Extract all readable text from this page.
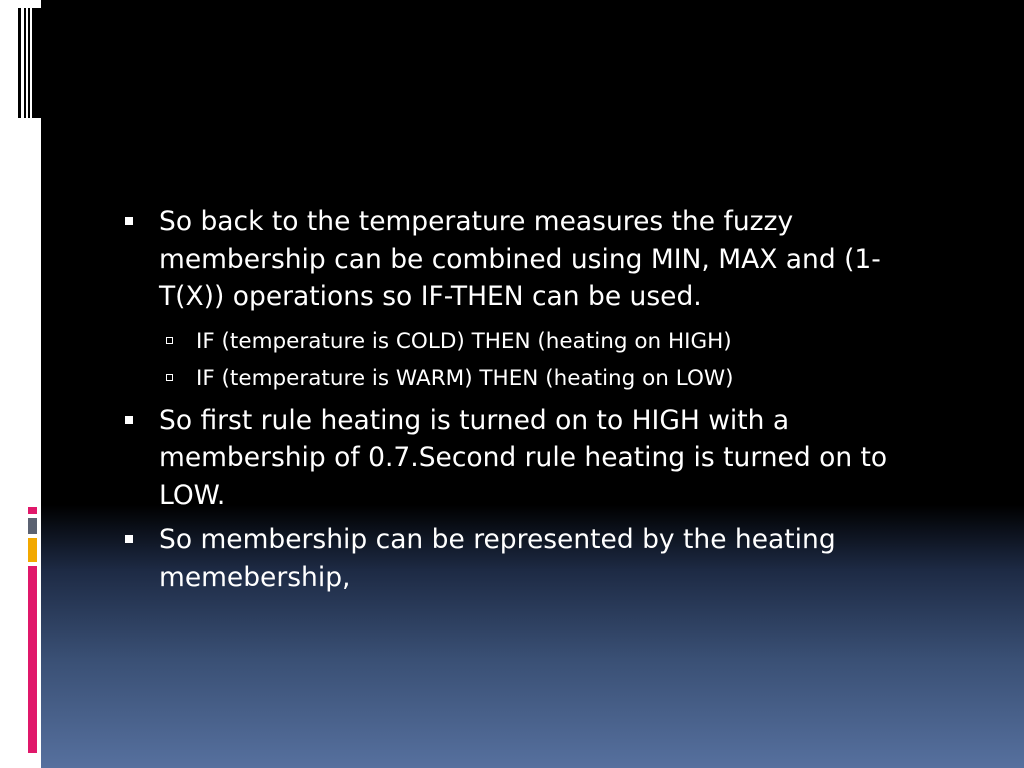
So back to the temperature measures the fuzzy membership can be combined using MIN, MAX and (1-T(X)) operations so IF-THEN can be used.
IF (temperature is COLD) THEN (heating on HIGH)
IF (temperature is WARM) THEN (heating on LOW)
So first rule heating is turned on to HIGH with a membership of 0.7.Second rule heating is turned on to LOW.
So membership can be represented by the heating memebership,
